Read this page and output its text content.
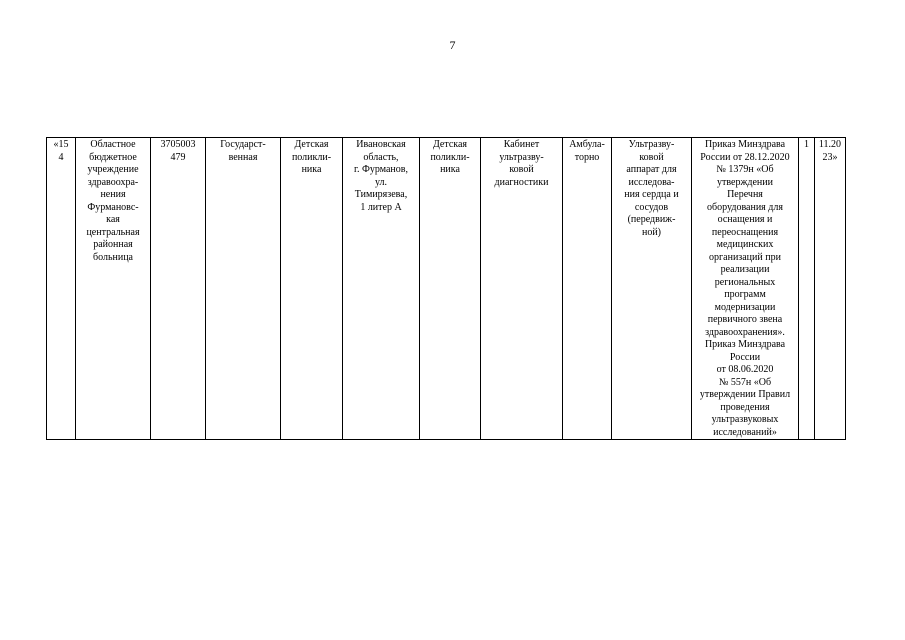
7
«15
4	Областное
бюджетное
учреждение
здравоохра-
нения
Фурмановс-
кая
центральная
районная
больница	3705003
479	Государст-
венная	Детская
поликли-
ника	Ивановская
область,
г. Фурманов,
ул.
Тимирязева,
1 литер А	Детская
поликли-
ника	Кабинет
ультразву-
ковой
диагностики	Амбула-
торно	Ультразву-
ковой
аппарат для
исследова-
ния сердца и
сосудов
(передвиж-
ной)	Приказ Минздрава
России от 28.12.2020
№ 1379н «Об
утверждении
Перечня
оборудования для
оснащения и
переоснащения
медицинских
организаций при
реализации
региональных
программ
модернизации
первичного звена
здравоохранения».
Приказ Минздрава
России
от 08.06.2020
№ 557н «Об
утверждении Правил
проведения
ультразвуковых
исследований»	1	11.20
23»
